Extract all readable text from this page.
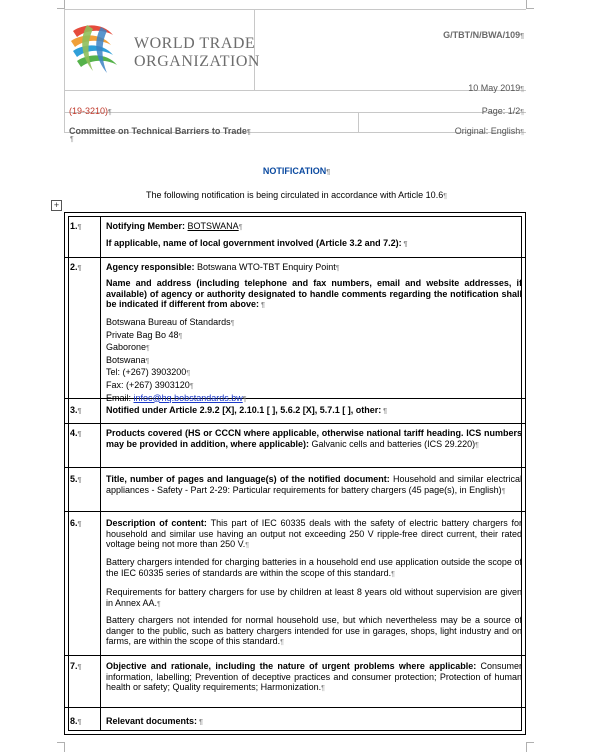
WORLD TRADE
ORGANIZATION
G/TBT/N/BWA/109¶
10 May 2019¶
(19-3210)¶	Page: 1/2¶
Committee on Technical Barriers to Trade¶	Original: English¶
¶
NOTIFICATION¶
The following notification is being circulated in accordance with Article 10.6¶
+
1.¶	Notifying Member: BOTSWANA¶
If applicable, name of local government involved (Article 3.2 and 7.2): ¶
2.¶	Agency responsible: Botswana WTO-TBT Enquiry Point¶
Name and address (including telephone and fax numbers, email and website addresses, if available) of agency or authority designated to handle comments regarding the notification shall be indicated if different from above: ¶
Botswana Bureau of Standards¶
Private Bag Bo 48¶
Gaborone¶
Botswana¶
Tel: (+267) 3903200¶
Fax: (+267) 3903120¶
Email: infoc@hq.bobstandards.bw¶
3.¶	Notified under Article 2.9.2 [X], 2.10.1 [ ], 5.6.2 [X], 5.7.1 [ ], other: ¶
4.¶	Products covered (HS or CCCN where applicable, otherwise national tariff heading. ICS numbers may be provided in addition, where applicable): Galvanic cells and batteries (ICS 29.220)¶
5.¶	Title, number of pages and language(s) of the notified document: Household and similar electrical appliances - Safety - Part 2-29: Particular requirements for battery chargers (45 page(s), in English)¶
6.¶	Description of content: This part of IEC 60335 deals with the safety of electric battery chargers for household and similar use having an output not exceeding 250 V ripple-free direct current, their rated voltage being not more than 250 V.¶
Battery chargers intended for charging batteries in a household end use application outside the scope of the IEC 60335 series of standards are within the scope of this standard.¶
Requirements for battery chargers for use by children at least 8 years old without supervision are given in Annex AA.¶
Battery chargers not intended for normal household use, but which nevertheless may be a source of danger to the public, such as battery chargers intended for use in garages, shops, light industry and on farms, are within the scope of this standard.¶
7.¶	Objective and rationale, including the nature of urgent problems where applicable: Consumer information, labelling; Prevention of deceptive practices and consumer protection; Protection of human health or safety; Quality requirements; Harmonization.¶
8.¶	Relevant documents: ¶
